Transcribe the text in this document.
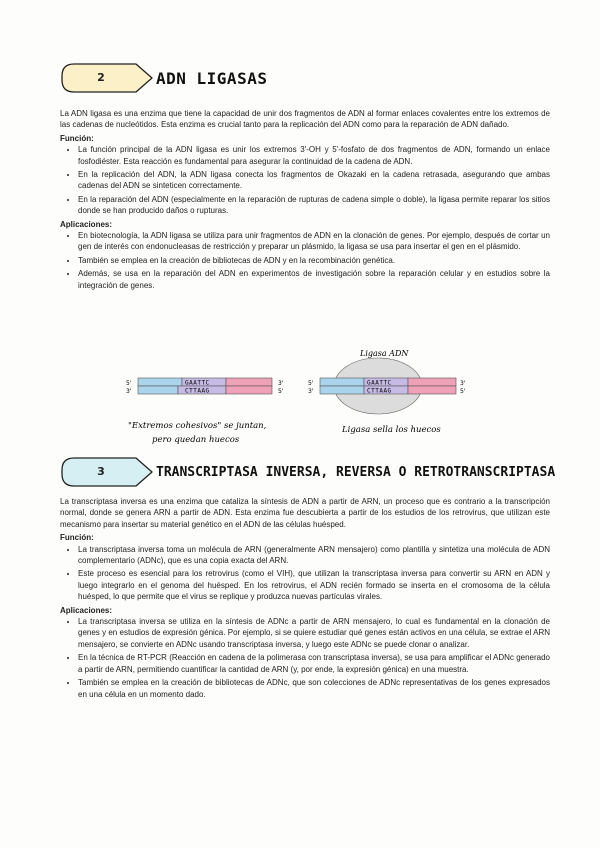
2	ADN LIGASAS

La ADN ligasa es una enzima que tiene la capacidad de unir dos fragmentos de ADN al formar enlaces covalentes entre los extremos de las cadenas de nucleótidos. Esta enzima es crucial tanto para la replicación del ADN como para la reparación de ADN dañado.

Función:
• La función principal de la ADN ligasa es unir los extremos 3'-OH y 5'-fosfato de dos fragmentos de ADN, formando un enlace fosfodiéster. Esta reacción es fundamental para asegurar la continuidad de la cadena de ADN.
• En la replicación del ADN, la ADN ligasa conecta los fragmentos de Okazaki en la cadena retrasada, asegurando que ambas cadenas del ADN se sinteticen correctamente.
• En la reparación del ADN (especialmente en la reparación de rupturas de cadena simple o doble), la ligasa permite reparar los sitios donde se han producido daños o rupturas.
Aplicaciones:
• En biotecnología, la ADN ligasa se utiliza para unir fragmentos de ADN en la clonación de genes. Por ejemplo, después de cortar un gen de interés con endonucleasas de restricción y preparar un plásmido, la ligasa se usa para insertar el gen en el plásmido.
• También se emplea en la creación de bibliotecas de ADN y en la recombinación genética.
• Además, se usa en la reparación del ADN en experimentos de investigación sobre la reparación celular y en estudios sobre la integración de genes.
5'
3'
3'
5'
GAATTC
CTTAAG
5'
3'
3'
5'
GAATTC
CTTAAG
Ligasa ADN
"Extremos cohesivos" se juntan,
pero quedan huecos
Ligasa sella los huecos
3	TRANSCRIPTASA INVERSA, REVERSA O RETROTRANSCRIPTASA

La transcriptasa inversa es una enzima que cataliza la síntesis de ADN a partir de ARN, un proceso que es contrario a la transcripción normal, donde se genera ARN a partir de ADN. Esta enzima fue descubierta a partir de los estudios de los retrovirus, que utilizan este mecanismo para insertar su material genético en el ADN de las células huésped.

Función:
• La transcriptasa inversa toma un molécula de ARN (generalmente ARN mensajero) como plantilla y sintetiza una molécula de ADN complementario (ADNc), que es una copia exacta del ARN.
• Este proceso es esencial para los retrovirus (como el VIH), que utilizan la transcriptasa inversa para convertir su ARN en ADN y luego integrarlo en el genoma del huésped. En los retrovirus, el ADN recién formado se inserta en el cromosoma de la célula huésped, lo que permite que el virus se replique y produzca nuevas partículas virales.
Aplicaciones:
• La transcriptasa inversa se utiliza en la síntesis de ADNc a partir de ARN mensajero, lo cual es fundamental en la clonación de genes y en estudios de expresión génica. Por ejemplo, si se quiere estudiar qué genes están activos en una célula, se extrae el ARN mensajero, se convierte en ADNc usando transcriptasa inversa, y luego este ADNc se puede clonar o analizar.
• En la técnica de RT-PCR (Reacción en cadena de la polimerasa con transcriptasa inversa), se usa para amplificar el ADNc generado a partir de ARN, permitiendo cuantificar la cantidad de ARN (y, por ende, la expresión génica) en una muestra.
• También se emplea en la creación de bibliotecas de ADNc, que son colecciones de ADNc representativas de los genes expresados en una célula en un momento dado.
